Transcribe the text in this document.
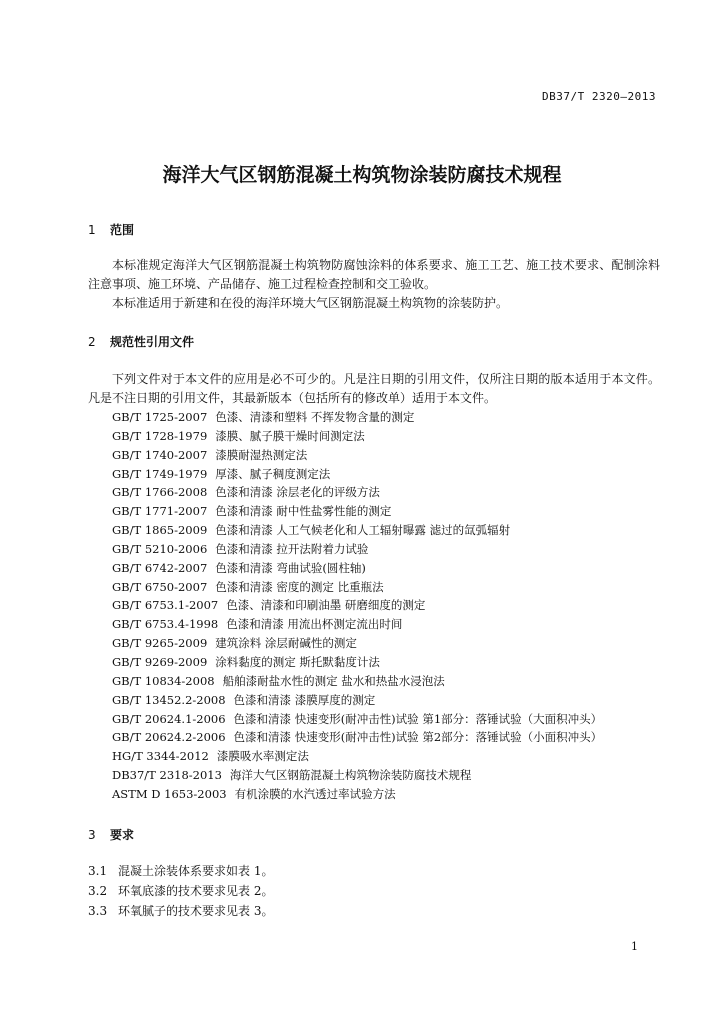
DB37/T 2320—2013
海洋大气区钢筋混凝土构筑物涂装防腐技术规程
1 范围
本标准规定海洋大气区钢筋混凝土构筑物防腐蚀涂料的体系要求、施工工艺、施工技术要求、配制涂料注意事项、施工环境、产品储存、施工过程检查控制和交工验收。
本标准适用于新建和在役的海洋环境大气区钢筋混凝土构筑物的涂装防护。
2 规范性引用文件
下列文件对于本文件的应用是必不可少的。凡是注日期的引用文件，仅所注日期的版本适用于本文件。凡是不注日期的引用文件，其最新版本（包括所有的修改单）适用于本文件。
GB/T 1725-2007 色漆、清漆和塑料 不挥发物含量的测定
GB/T 1728-1979 漆膜、腻子膜干燥时间测定法
GB/T 1740-2007 漆膜耐湿热测定法
GB/T 1749-1979 厚漆、腻子稠度测定法
GB/T 1766-2008 色漆和清漆 涂层老化的评级方法
GB/T 1771-2007 色漆和清漆 耐中性盐雾性能的测定
GB/T 1865-2009 色漆和清漆 人工气候老化和人工辐射曝露 滤过的氙弧辐射
GB/T 5210-2006 色漆和清漆 拉开法附着力试验
GB/T 6742-2007 色漆和清漆 弯曲试验(圆柱轴)
GB/T 6750-2007 色漆和清漆 密度的测定 比重瓶法
GB/T 6753.1-2007 色漆、清漆和印刷油墨 研磨细度的测定
GB/T 6753.4-1998 色漆和清漆 用流出杯测定流出时间
GB/T 9265-2009 建筑涂料 涂层耐碱性的测定
GB/T 9269-2009 涂料黏度的测定 斯托默黏度计法
GB/T 10834-2008 船舶漆耐盐水性的测定 盐水和热盐水浸泡法
GB/T 13452.2-2008 色漆和清漆 漆膜厚度的测定
GB/T 20624.1-2006 色漆和清漆 快速变形(耐冲击性)试验 第1部分：落锤试验（大面积冲头）
GB/T 20624.2-2006 色漆和清漆 快速变形(耐冲击性)试验 第2部分：落锤试验（小面积冲头）
HG/T 3344-2012 漆膜吸水率测定法
DB37/T 2318-2013 海洋大气区钢筋混凝土构筑物涂装防腐技术规程
ASTM D 1653-2003 有机涂膜的水汽透过率试验方法
3 要求
3.1 混凝土涂装体系要求如表 1。
3.2 环氧底漆的技术要求见表 2。
3.3 环氧腻子的技术要求见表 3。
1
